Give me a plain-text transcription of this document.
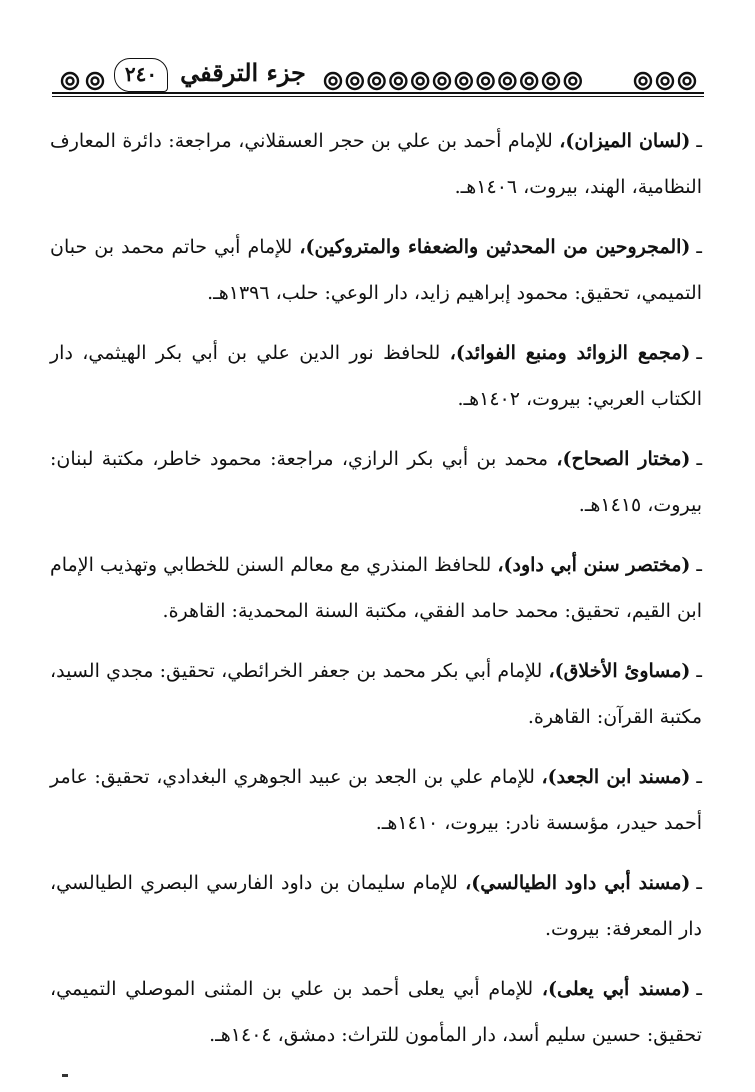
٢٤٠ جزء الترقفي

ـ(لسان الميزان)، للإمام أحمد بن علي بن حجر العسقلاني، مراجعة: دائرة المعارف النظامية، الهند، بيروت، ١٤٠٦هـ.

ـ(المجروحين من المحدثين والضعفاء والمتروكين)، للإمام أبي حاتم محمد بن حبان التميمي، تحقيق: محمود إبراهيم زايد، دار الوعي: حلب، ١٣٩٦هـ.

ـ(مجمع الزوائد ومنبع الفوائد)، للحافظ نور الدين علي بن أبي بكر الهيثمي، دار الكتاب العربي: بيروت، ١٤٠٢هـ.

ـ(مختار الصحاح)، محمد بن أبي بكر الرازي، مراجعة: محمود خاطر، مكتبة لبنان: بيروت، ١٤١٥هـ.

ـ(مختصر سنن أبي داود)، للحافظ المنذري مع معالم السنن للخطابي وتهذيب الإمام ابن القيم، تحقيق: محمد حامد الفقي، مكتبة السنة المحمدية: القاهرة.

ـ(مساوئ الأخلاق)، للإمام أبي بكر محمد بن جعفر الخرائطي، تحقيق: مجدي السيد، مكتبة القرآن: القاهرة.

ـ(مسند ابن الجعد)، للإمام علي بن الجعد بن عبيد الجوهري البغدادي، تحقيق: عامر أحمد حيدر، مؤسسة نادر: بيروت، ١٤١٠هـ.

ـ(مسند أبي داود الطيالسي)، للإمام سليمان بن داود الفارسي البصري الطيالسي، دار المعرفة: بيروت.

ـ(مسند أبي يعلى)، للإمام أبي يعلى أحمد بن علي بن المثنى الموصلي التميمي، تحقيق: حسين سليم أسد، دار المأمون للتراث: دمشق، ١٤٠٤هـ.
